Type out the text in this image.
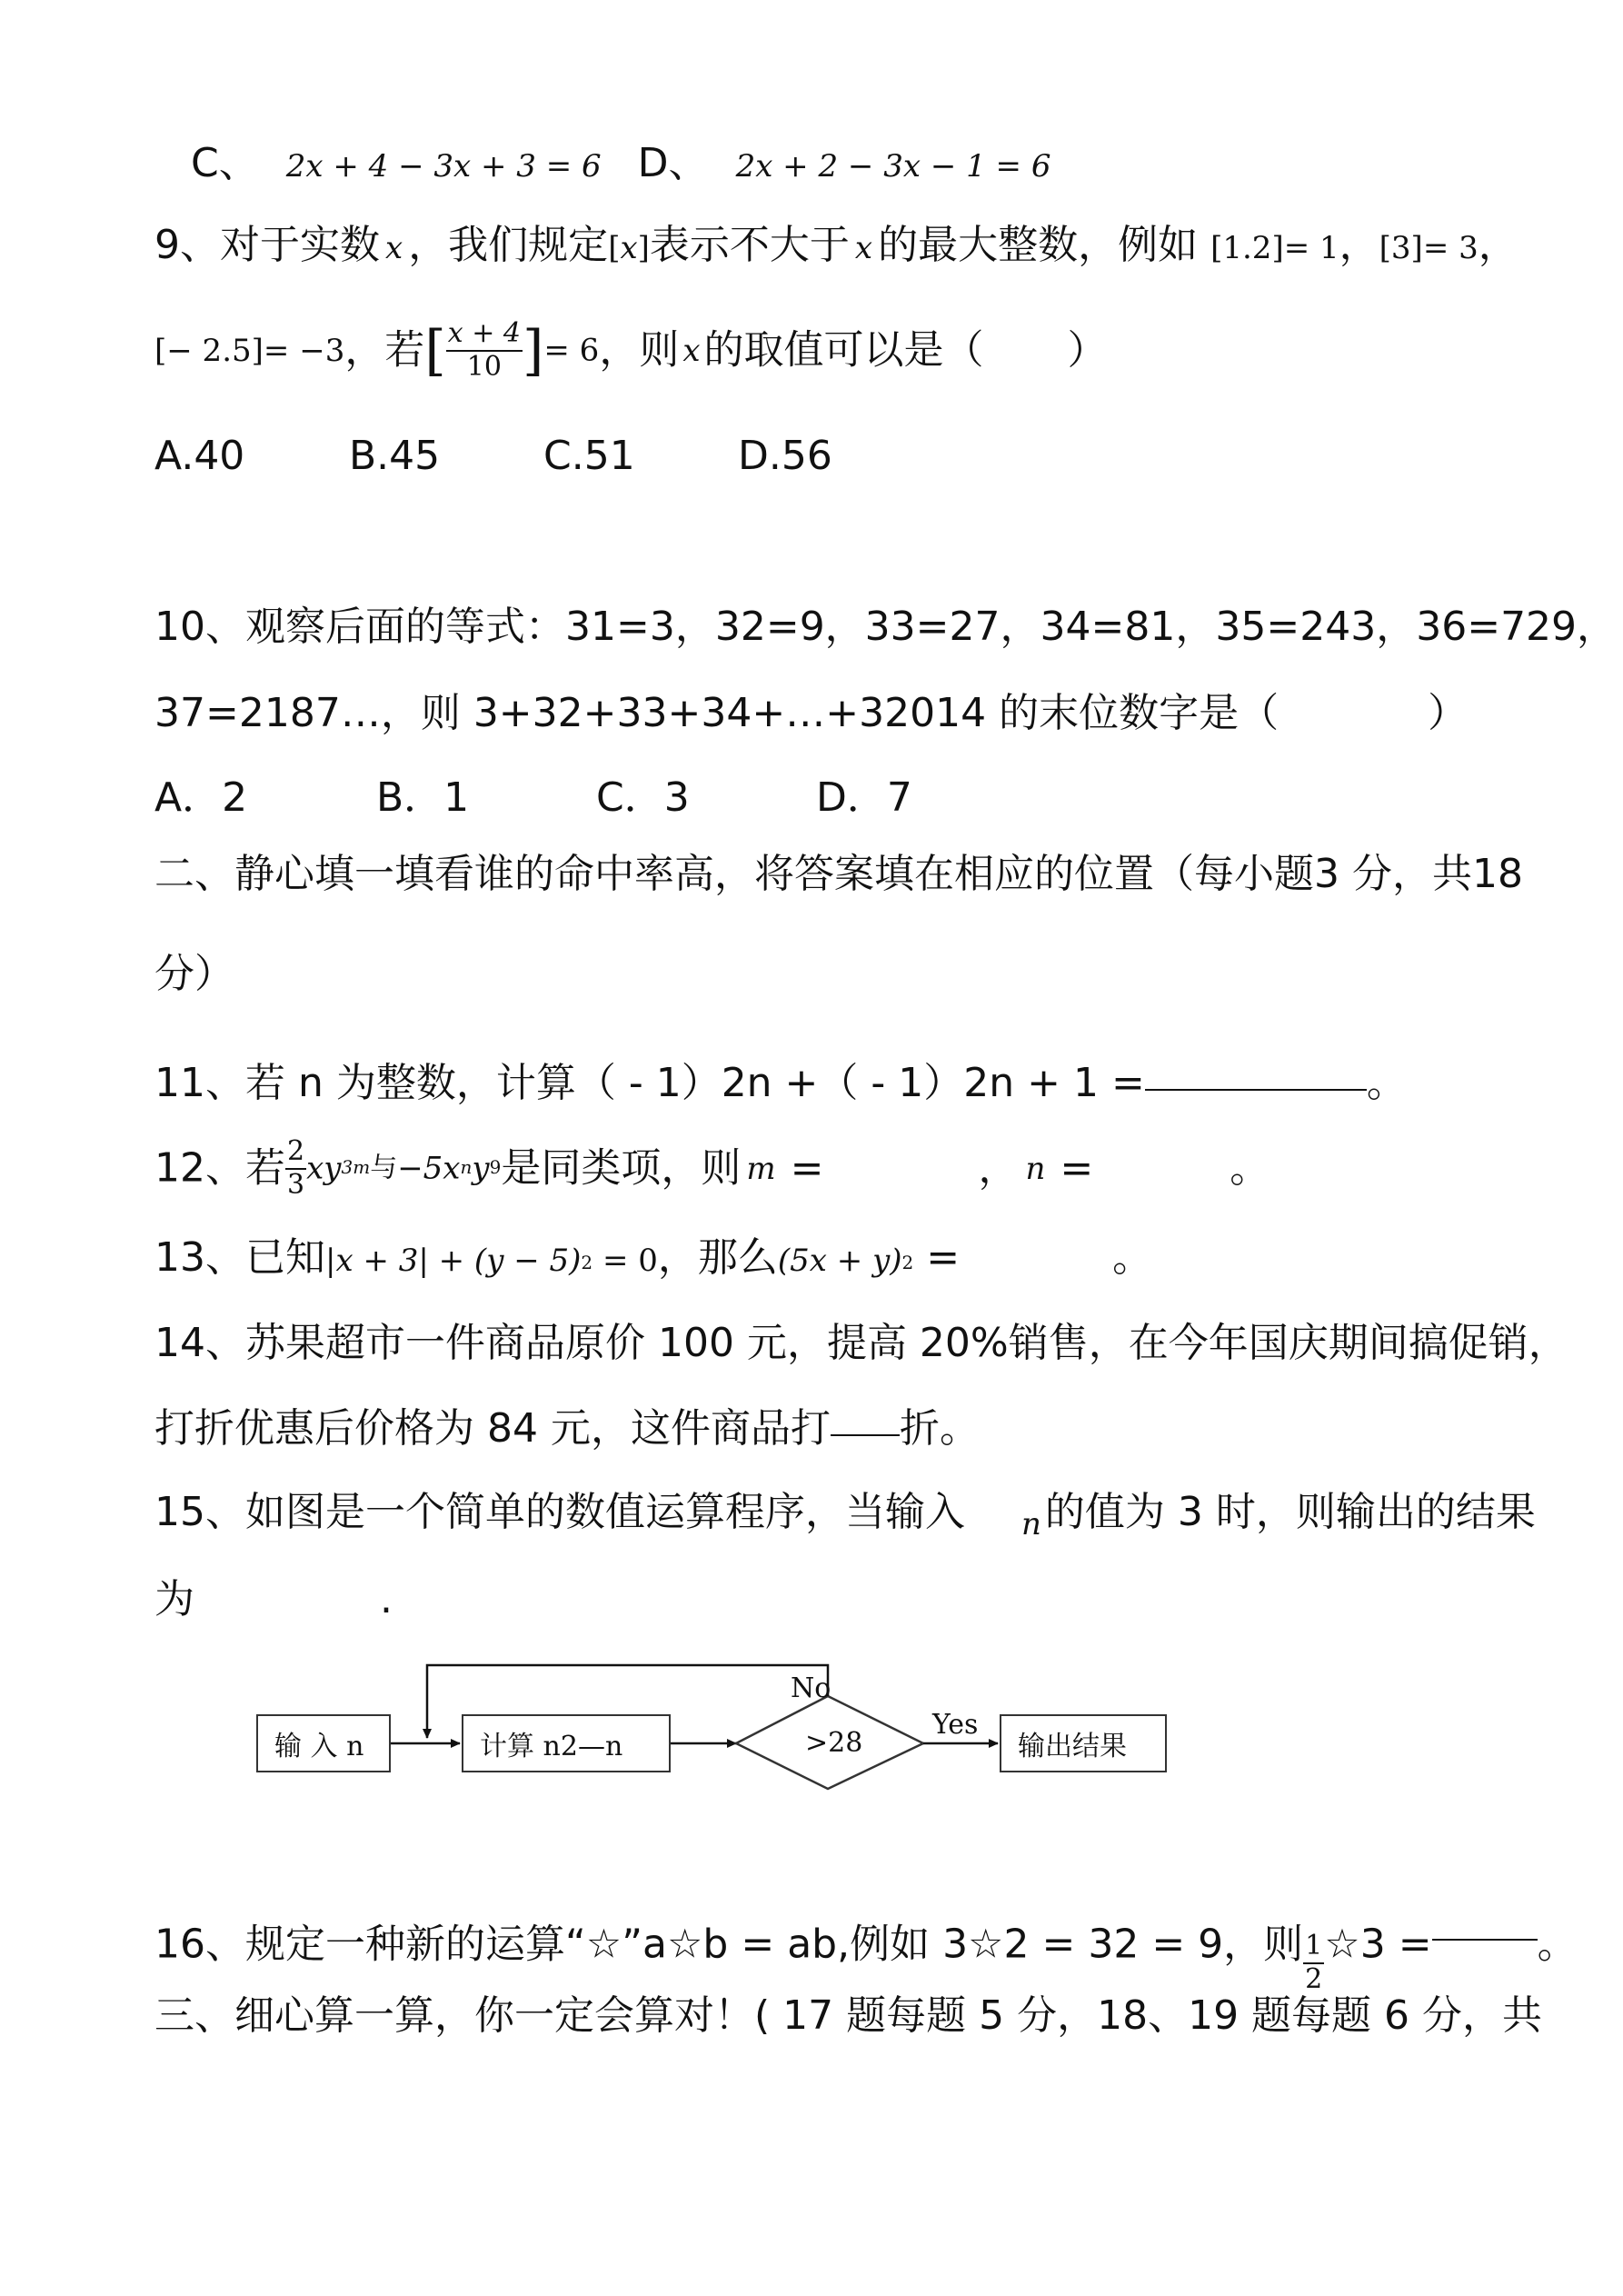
C、 2x + 4 − 3x + 3 = 6 D、 2x + 2 − 3x − 1 = 6
9、对于实数 x ，我们规定[x]表示不大于 x 的最大整数，例如 [1.2]= 1，[3]= 3，
[− 2.5]= −3，若[ $\frac{x + 4}{10}$ ]= 6，则 x的取值可以是（ ）
A.40	B.45	C.51	D.56
10、观察后面的等式：31=3，32=9，33=27，34=81，35=243，36=729，
37=2187…，则 3+32+33+34+…+32014 的末位数字是（	）
A．2	B．1	C．3	D．7
二、静心填一填看谁的命中率高，将答案填在相应的位置（每小题3 分，共18
分）
11、若 n 为整数，计算（ - 1）2n +（ - 1）2n + 1 =	。
12、若 $\frac{2}{3} xy3m$与−5xny9是同类项，则 m =	， n =	。
13、已知|x + 3| + (y − 5)2 = 0，那么(5x + y)2 =	。
14、苏果超市一件商品原价 100 元，提高 20%销售，在今年国庆期间搞促销，
打折优惠后价格为 84 元，这件商品打 折。
15、如图是一个简单的数值运算程序，当输入 $_n$的值为 3 时，则输出的结果
为	.
输 入 n	计算 n2—n	>28
No
Yes
输出结果
16、规定一种新的运算“☆”a☆b = ab,例如 3☆2 = 32 = 9，则 $\frac{1}{2}$ ☆3 =	。
三、细心算一算，你一定会算对！( 17 题每题 5 分，18、19 题每题 6 分，共
